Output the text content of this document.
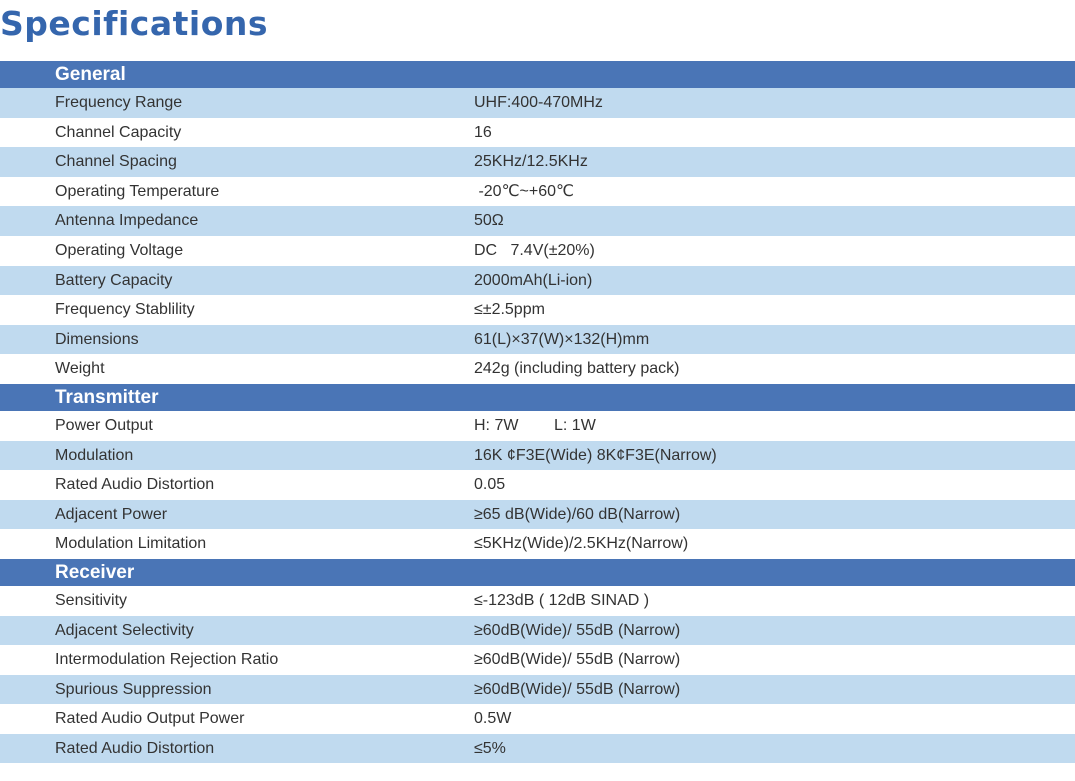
Specifications
General
Frequency Range	UHF:400-470MHz
Channel Capacity	16
Channel Spacing	25KHz/12.5KHz
Operating Temperature	-20℃~+60℃
Antenna Impedance	50Ω
Operating Voltage	DC   7.4V(±20%)
Battery Capacity	2000mAh(Li-ion)
Frequency Stablility	≤±2.5ppm
Dimensions	61(L)×37(W)×132(H)mm
Weight	242g (including battery pack)
Transmitter
Power Output	H: 7W        L: 1W
Modulation	16K ¢F3E(Wide) 8K¢F3E(Narrow)
Rated Audio Distortion	0.05
Adjacent Power	≥65 dB(Wide)/60 dB(Narrow)
Modulation Limitation	≤5KHz(Wide)/2.5KHz(Narrow)
Receiver
Sensitivity	≤-123dB ( 12dB SINAD )
Adjacent Selectivity	≥60dB(Wide)/ 55dB (Narrow)
Intermodulation Rejection Ratio	≥60dB(Wide)/ 55dB (Narrow)
Spurious Suppression	≥60dB(Wide)/ 55dB (Narrow)
Rated Audio Output Power	0.5W
Rated Audio Distortion	≤5%
